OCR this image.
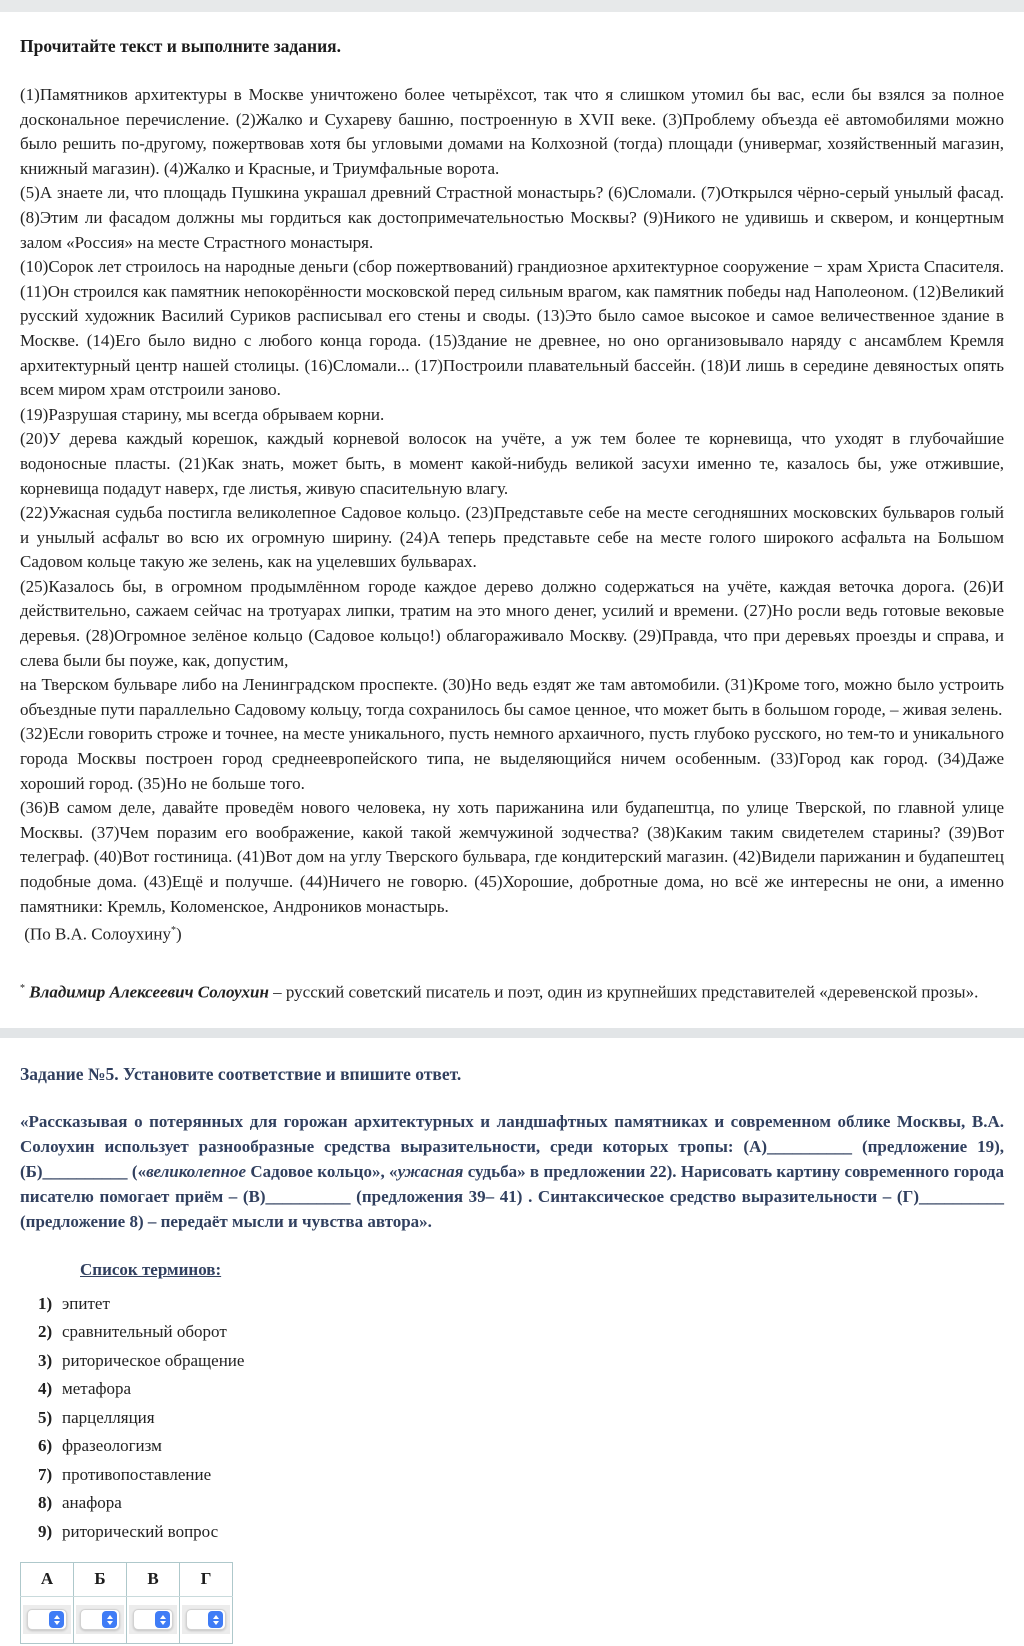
Прочитайте текст и выполните задания.

(1)Памятников архитектуры в Москве уничтожено более четырёхсот, так что я слишком утомил бы вас, если бы взялся за полное доскональное перечисление. (2)Жалко и Сухареву башню, построенную в XVII веке. (3)Проблему объезда её автомобилями можно было решить по-другому, пожертвовав хотя бы угловыми домами на Колхозной (тогда) площади (универмаг, хозяйственный магазин, книжный магазин). (4)Жалко и Красные, и Триумфальные ворота.

(5)А знаете ли, что площадь Пушкина украшал древний Страстной монастырь? (6)Сломали. (7)Открылся чёрно-серый унылый фасад. (8)Этим ли фасадом должны мы гордиться как достопримечательностью Москвы? (9)Никого не удивишь и сквером, и концертным залом «Россия» на месте Страстного монастыря.

(10)Сорок лет строилось на народные деньги (сбор пожертвований) грандиозное архитектурное сооружение − храм Христа Спасителя. (11)Он строился как памятник непокорённости московской перед сильным врагом, как памятник победы над Наполеоном. (12)Великий русский художник Василий Суриков расписывал его стены и своды. (13)Это было самое высокое и самое величественное здание в Москве. (14)Его было видно с любого конца города. (15)Здание не древнее, но оно организовывало наряду с ансамблем Кремля архитектурный центр нашей столицы. (16)Сломали... (17)Построили плавательный бассейн. (18)И лишь в середине девяностых опять всем миром храм отстроили заново.

(19)Разрушая старину, мы всегда обрываем корни.

(20)У дерева каждый корешок, каждый корневой волосок на учёте, а уж тем более те корневища, что уходят в глубочайшие водоносные пласты. (21)Как знать, может быть, в момент какой-нибудь великой засухи именно те, казалось бы, уже отжившие, корневища подадут наверх, где листья, живую спасительную влагу.

(22)Ужасная судьба постигла великолепное Садовое кольцо. (23)Представьте себе на месте сегодняшних московских бульваров голый и унылый асфальт во всю их огромную ширину. (24)А теперь представьте себе на месте голого широкого асфальта на Большом Садовом кольце такую же зелень, как на уцелевших бульварах.

(25)Казалось бы, в огромном продымлённом городе каждое дерево должно содержаться на учёте, каждая веточка дорога. (26)И действительно, сажаем сейчас на тротуарах липки, тратим на это много денег, усилий и времени. (27)Но росли ведь готовые вековые деревья. (28)Огромное зелёное кольцо (Садовое кольцо!) облагораживало Москву. (29)Правда, что при деревьях проезды и справа, и слева были бы поуже, как, допустим,

на Тверском бульваре либо на Ленинградском проспекте. (30)Но ведь ездят же там автомобили. (31)Кроме того, можно было устроить объездные пути параллельно Садовому кольцу, тогда сохранилось бы самое ценное, что может быть в большом городе, – живая зелень.

(32)Если говорить строже и точнее, на месте уникального, пусть немного архаичного, пусть глубоко русского, но тем-то и уникального города Москвы построен город среднеевропейского типа, не выделяющийся ничем особенным. (33)Город как город. (34)Даже хороший город. (35)Но не больше того.

(36)В самом деле, давайте проведём нового человека, ну хоть парижанина или будапештца, по улице Тверской, по главной улице Москвы. (37)Чем поразим его воображение, какой такой жемчужиной зодчества? (38)Каким таким свидетелем старины? (39)Вот телеграф. (40)Вот гостиница. (41)Вот дом на углу Тверского бульвара, где кондитерский магазин. (42)Видели парижанин и будапештец подобные дома. (43)Ещё и получше. (44)Ничего не говорю. (45)Хорошие, добротные дома, но всё же интересны не они, а именно памятники: Кремль, Коломенское, Андроников монастырь.

(По В.А. Солоухину*)

* Владимир Алексеевич Солоухин – русский советский писатель и поэт, один из крупнейших представителей «деревенской прозы».

Задание №5. Установите соответствие и впишите ответ.

«Рассказывая о потерянных для горожан архитектурных и ландшафтных памятниках и современном облике Москвы, В.А. Солоухин использует разнообразные средства выразительности, среди которых тропы: (А)__________ (предложение 19), (Б)__________ («великолепное Садовое кольцо», «ужасная судьба» в предложении 22). Нарисовать картину современного города писателю помогает приём – (В)__________ (предложения 39– 41) . Синтаксическое средство выразительности – (Г)__________ (предложение 8) – передаёт мысли и чувства автора».

Список терминов:

1) эпитет
2) сравнительный оборот
3) риторическое обращение
4) метафора
5) парцелляция
6) фразеологизм
7) противопоставление
8) анафора
9) риторический вопрос
А	Б	В	Г
